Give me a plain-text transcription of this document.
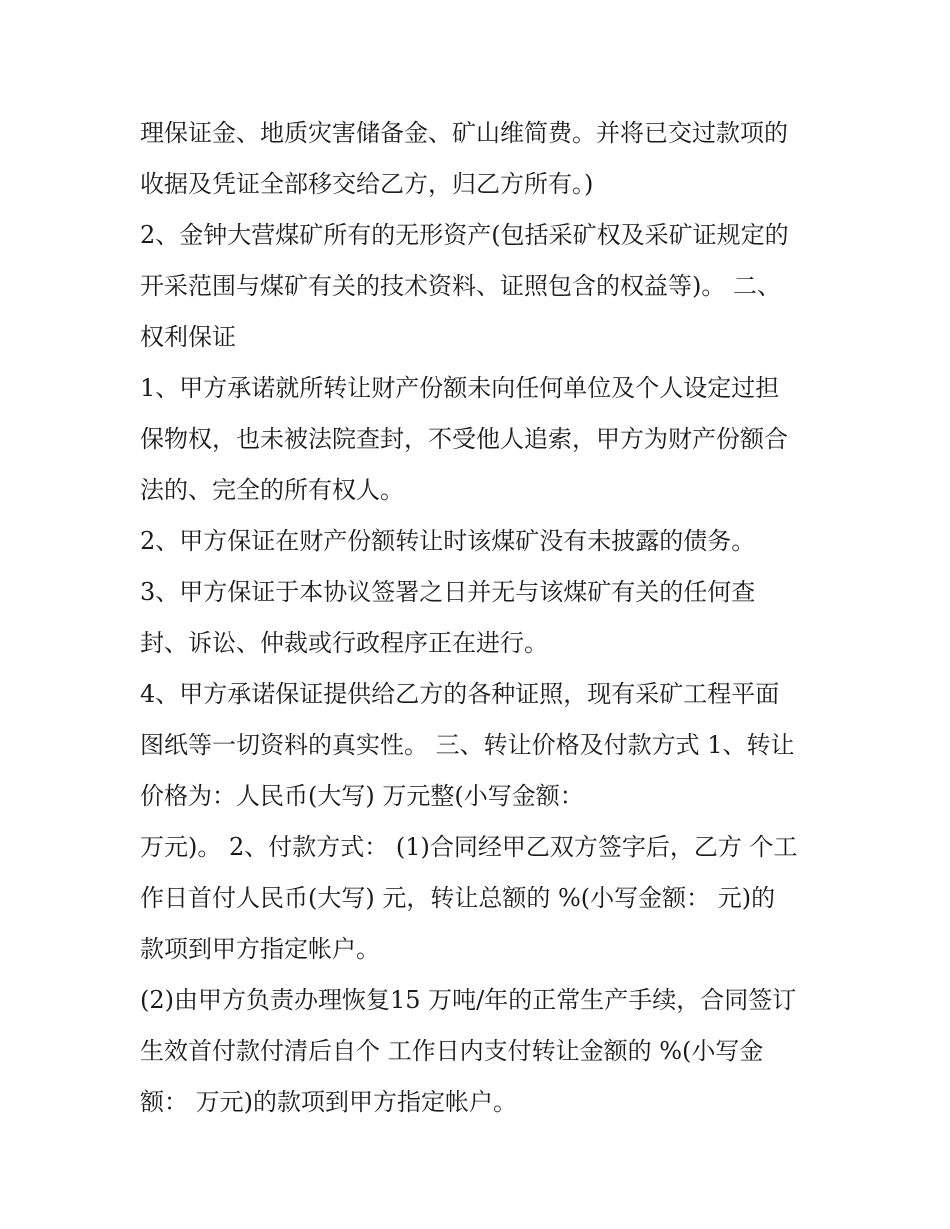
理保证金、地质灾害储备金、矿山维简费。并将已交过款项的
收据及凭证全部移交给乙方，归乙方所有。)
2、金钟大营煤矿所有的无形资产(包括采矿权及采矿证规定的
开采范围与煤矿有关的技术资料、证照包含的权益等)。 二、
权利保证
1、甲方承诺就所转让财产份额未向任何单位及个人设定过担
保物权，也未被法院查封，不受他人追索，甲方为财产份额合
法的、完全的所有权人。
2、甲方保证在财产份额转让时该煤矿没有未披露的债务。
3、甲方保证于本协议签署之日并无与该煤矿有关的任何查
封、诉讼、仲裁或行政程序正在进行。
4、甲方承诺保证提供给乙方的各种证照，现有采矿工程平面
图纸等一切资料的真实性。 三、转让价格及付款方式 1、转让
价格为：人民币(大写) 万元整(小写金额：
万元)。 2、付款方式： (1)合同经甲乙双方签字后，乙方 个工
作日首付人民币(大写) 元，转让总额的 %(小写金额： 元)的
款项到甲方指定帐户。
(2)由甲方负责办理恢复15 万吨/年的正常生产手续，合同签订
生效首付款付清后自个 工作日内支付转让金额的 %(小写金
额： 万元)的款项到甲方指定帐户。
